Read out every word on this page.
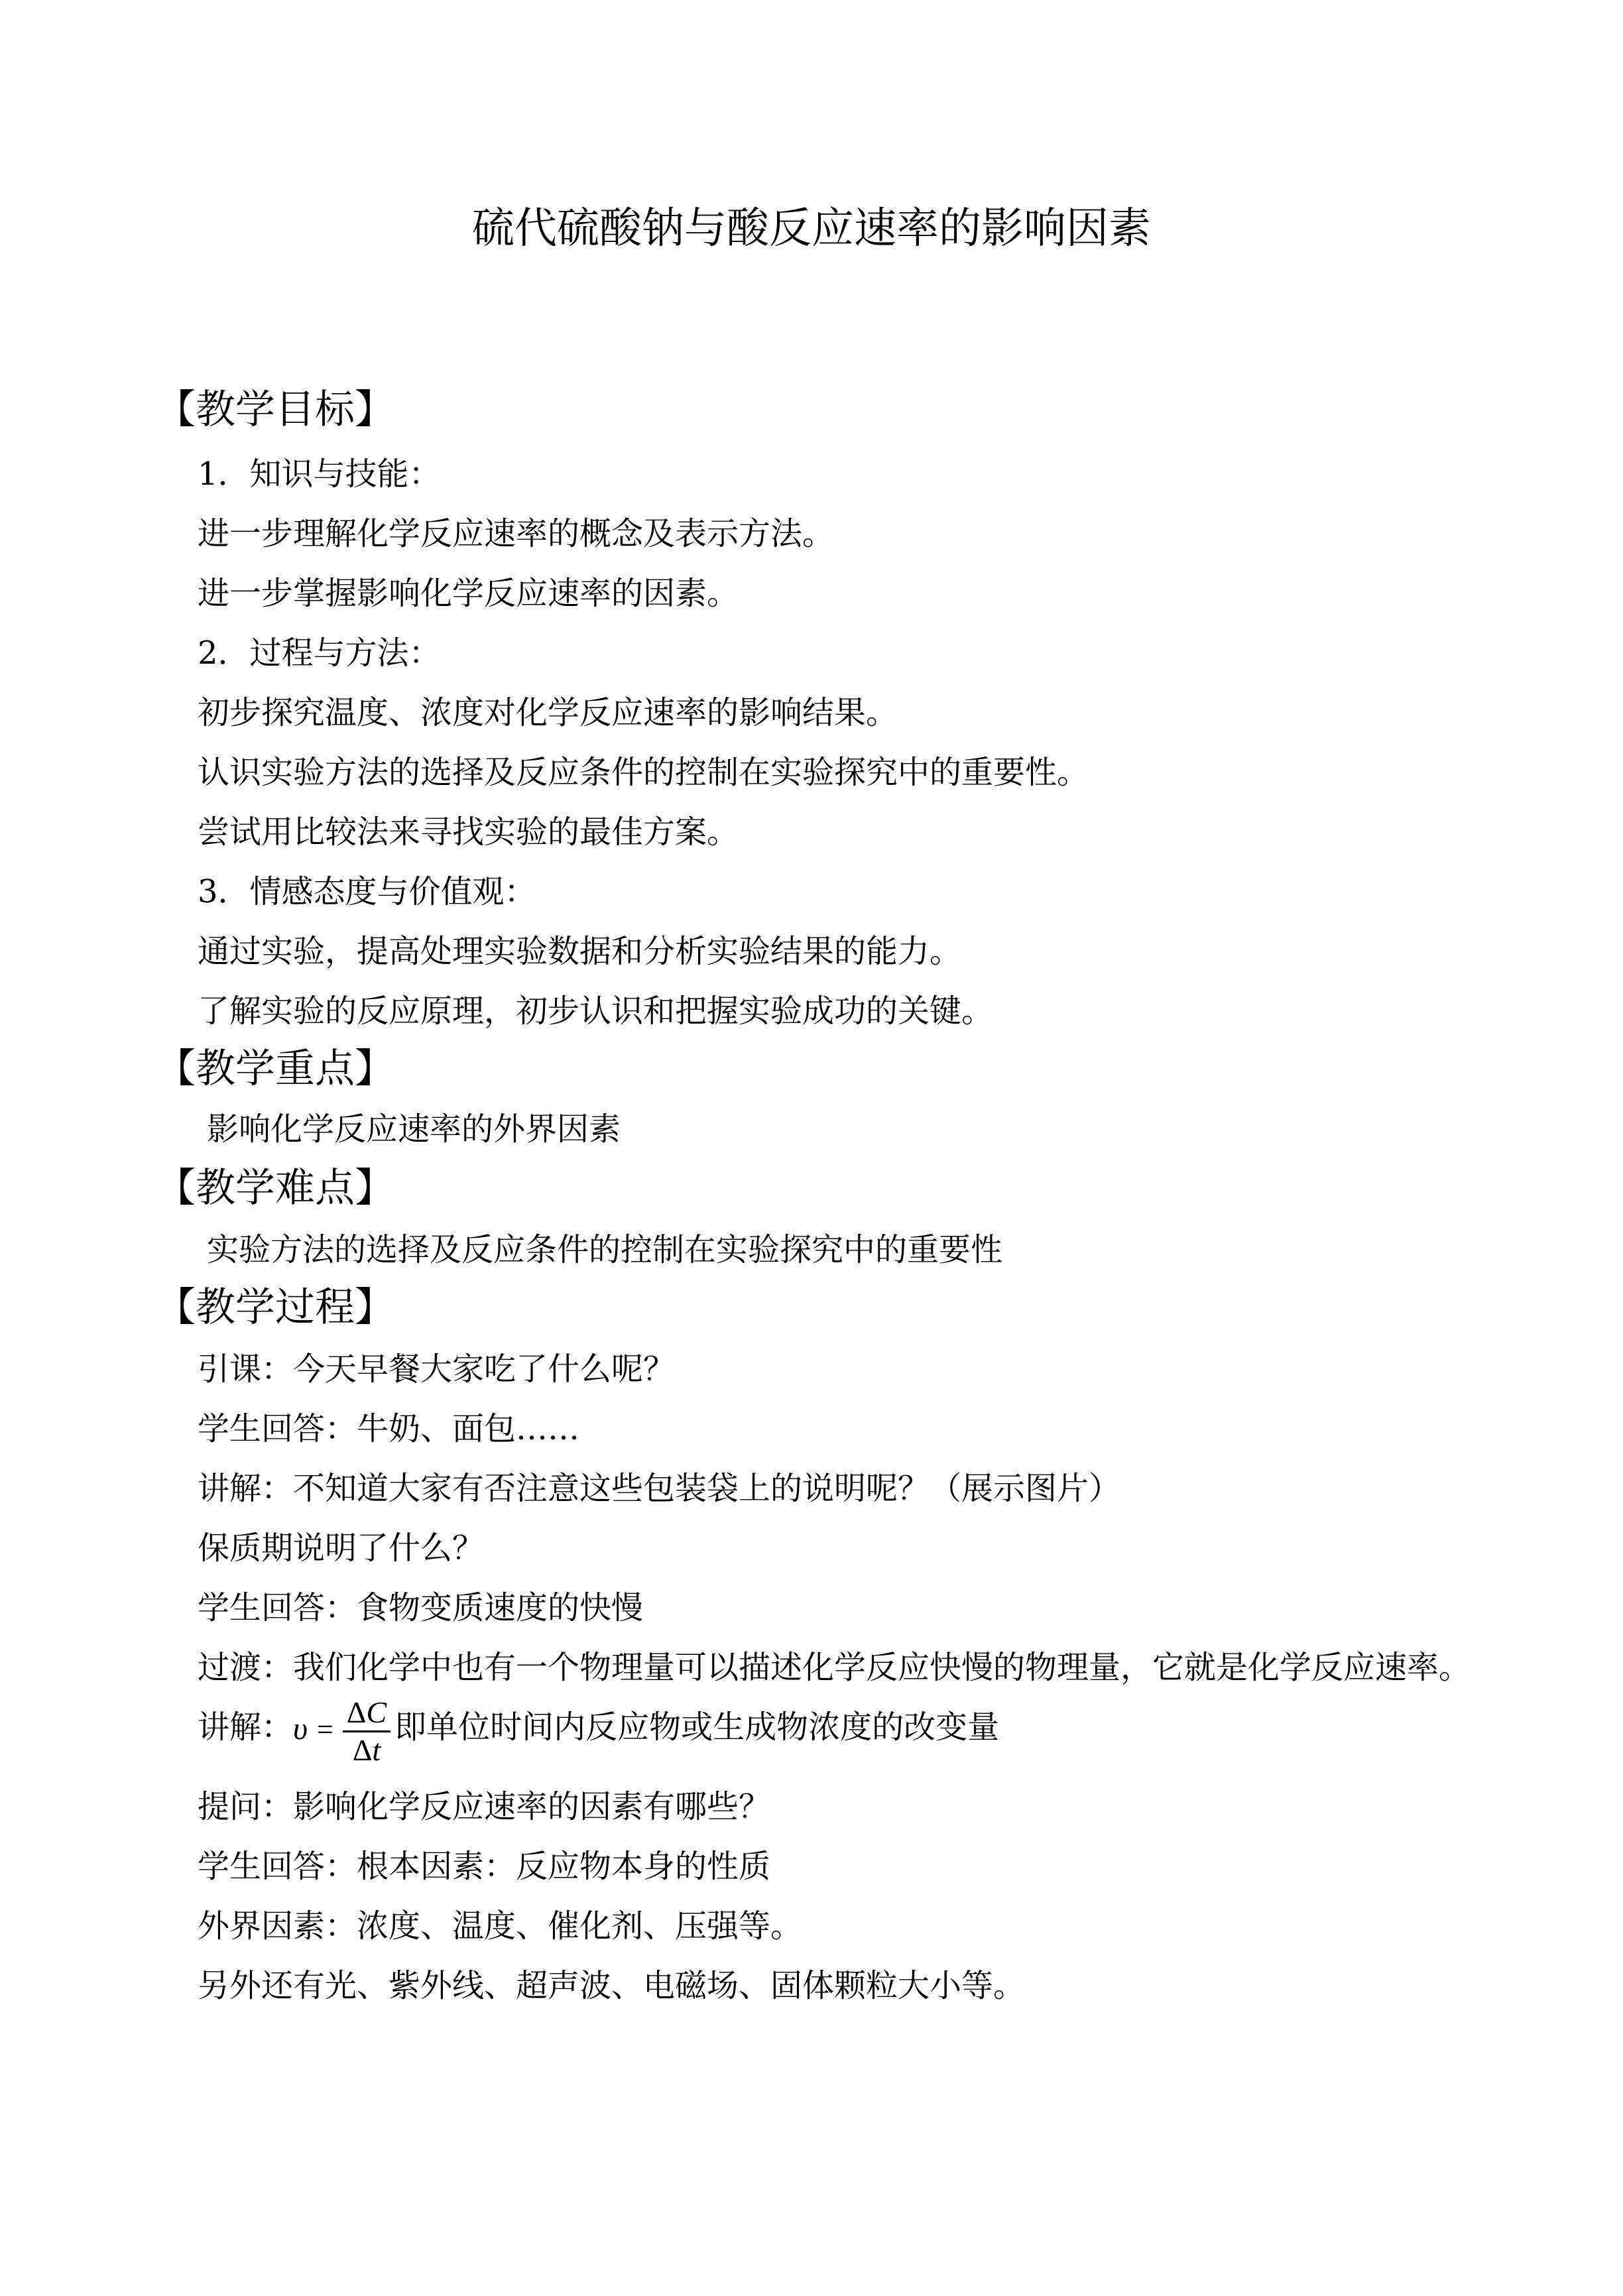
硫代硫酸钠与酸反应速率的影响因素
【教学目标】
1．知识与技能：
进一步理解化学反应速率的概念及表示方法。
进一步掌握影响化学反应速率的因素。
2．过程与方法：
初步探究温度、浓度对化学反应速率的影响结果。
认识实验方法的选择及反应条件的控制在实验探究中的重要性。
尝试用比较法来寻找实验的最佳方案。
3．情感态度与价值观：
通过实验，提高处理实验数据和分析实验结果的能力。
了解实验的反应原理，初步认识和把握实验成功的关键。
【教学重点】
影响化学反应速率的外界因素
【教学难点】
实验方法的选择及反应条件的控制在实验探究中的重要性
【教学过程】
引课：今天早餐大家吃了什么呢？
学生回答：牛奶、面包……
讲解：不知道大家有否注意这些包装袋上的说明呢？（展示图片）
保质期说明了什么？
学生回答：食物变质速度的快慢
过渡：我们化学中也有一个物理量可以描述化学反应快慢的物理量，它就是化学反应速率。
讲解：$\upsilon = \frac{\Delta C}{\Delta t}$ 即单位时间内反应物或生成物浓度的改变量
提问：影响化学反应速率的因素有哪些？
学生回答：根本因素：反应物本身的性质
外界因素：浓度、温度、催化剂、压强等。
另外还有光、紫外线、超声波、电磁场、固体颗粒大小等。
